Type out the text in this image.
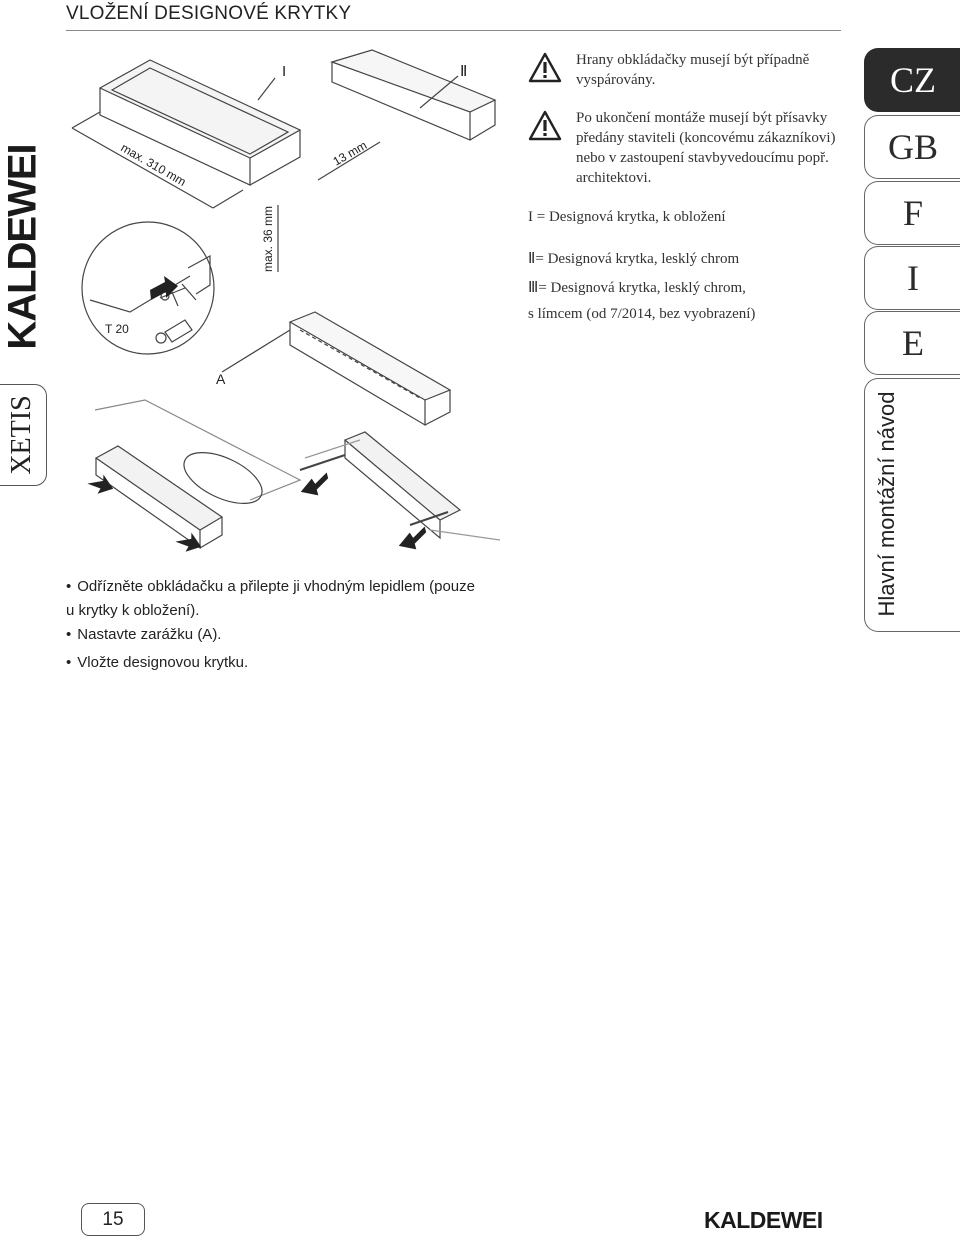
VLOŽENÍ DESIGNOVÉ KRYTKY
KALDEWEI
XETIS
CZ
GB
F
I
E
Hlavní montážní návod

Hrany obkládačky musejí být případně vyspárovány.

Po ukončení montáže musejí být přísavky předány staviteli (koncovému zákazníkovi) nebo v zastoupení stavbyvedoucímu popř. architektovi.

I = Designová krytka, k obložení
Ⅱ= Designová krytka, lesklý chrom
Ⅲ= Designová krytka, lesklý chrom,
s límcem (od 7/2014, bez vyobrazení)
I	Ⅱ
max. 310 mm
max. 36 mm
13 mm
T 20
A
• Odřízněte obkládačku a přilepte ji vhodným lepidlem (pouze u krytky k obložení).
• Nastavte zarážku (A).
• Vložte designovou krytku.
15	KALDEWEI
